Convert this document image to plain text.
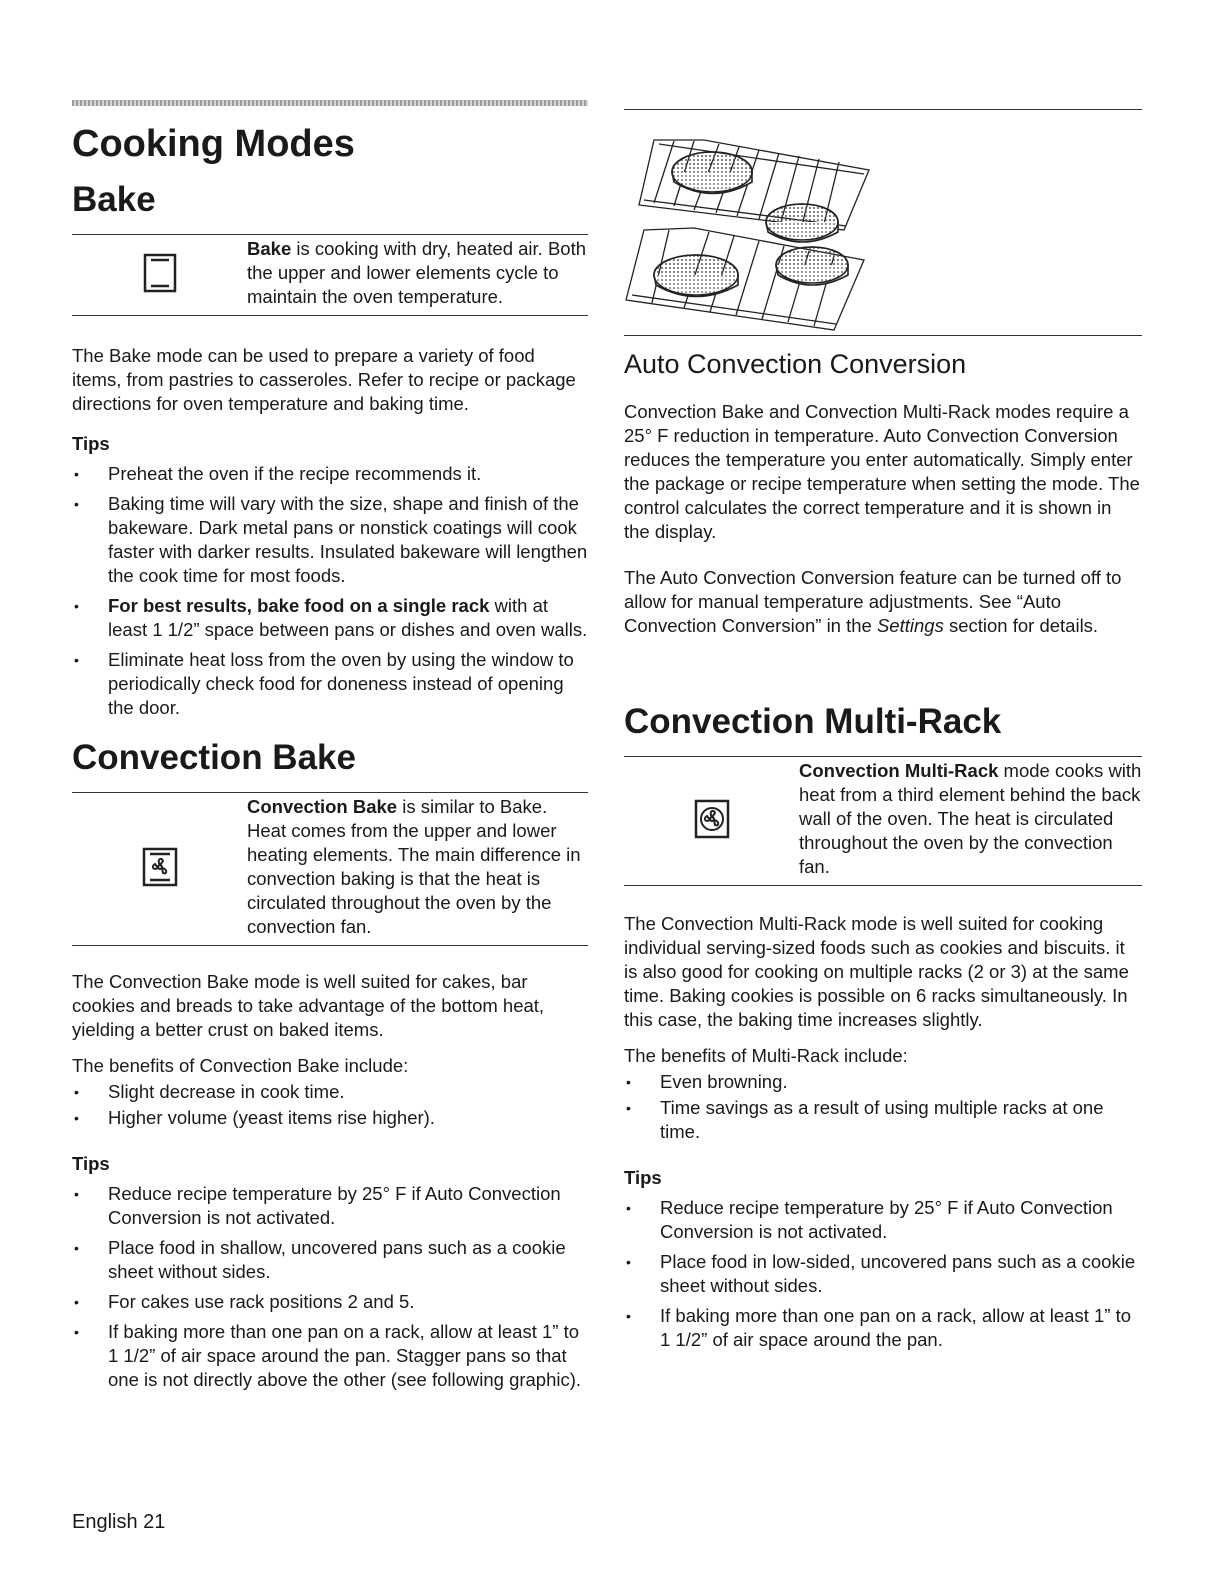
Cooking Modes
Bake
Bake is cooking with dry, heated air. Both the upper and lower elements cycle to maintain the oven temperature.

The Bake mode can be used to prepare a variety of food items, from pastries to casseroles. Refer to recipe or package directions for oven temperature and baking time.

Tips
• Preheat the oven if the recipe recommends it.
• Baking time will vary with the size, shape and finish of the bakeware. Dark metal pans or nonstick coatings will cook faster with darker results. Insulated bakeware will lengthen the cook time for most foods.
• For best results, bake food on a single rack with at least 1 1/2” space between pans or dishes and oven walls.
• Eliminate heat loss from the oven by using the window to periodically check food for doneness instead of opening the door.
Convection Bake
Convection Bake is similar to Bake. Heat comes from the upper and lower heating elements. The main difference in convection baking is that the heat is circulated throughout the oven by the convection fan.

The Convection Bake mode is well suited for cakes, bar cookies and breads to take advantage of the bottom heat, yielding a better crust on baked items.

The benefits of Convection Bake include:

• Slight decrease in cook time.
• Higher volume (yeast items rise higher).
Tips
• Reduce recipe temperature by 25° F if Auto Convection Conversion is not activated.
• Place food in shallow, uncovered pans such as a cookie sheet without sides.
• For cakes use rack positions 2 and 5.
• If baking more than one pan on a rack, allow at least 1” to 1 1/2” of air space around the pan. Stagger pans so that one is not directly above the other (see following graphic).
English 21
Auto Convection Conversion

Convection Bake and Convection Multi-Rack modes require a 25° F reduction in temperature. Auto Convection Conversion reduces the temperature you enter automatically. Simply enter the package or recipe temperature when setting the mode. The control calculates the correct temperature and it is shown in the display.

The Auto Convection Conversion feature can be turned off to allow for manual temperature adjustments. See “Auto Convection Conversion” in the Settings section for details.

Convection Multi-Rack
Convection Multi-Rack mode cooks with heat from a third element behind the back wall of the oven. The heat is circulated throughout the oven by the convection fan.

The Convection Multi-Rack mode is well suited for cooking individual serving-sized foods such as cookies and biscuits. it is also good for cooking on multiple racks (2 or 3) at the same time. Baking cookies is possible on 6 racks simultaneously. In this case, the baking time increases slightly.

The benefits of Multi-Rack include:

• Even browning.
• Time savings as a result of using multiple racks at one time.
Tips
• Reduce recipe temperature by 25° F if Auto Convection Conversion is not activated.
• Place food in low-sided, uncovered pans such as a cookie sheet without sides.
• If baking more than one pan on a rack, allow at least 1” to 1 1/2” of air space around the pan.
